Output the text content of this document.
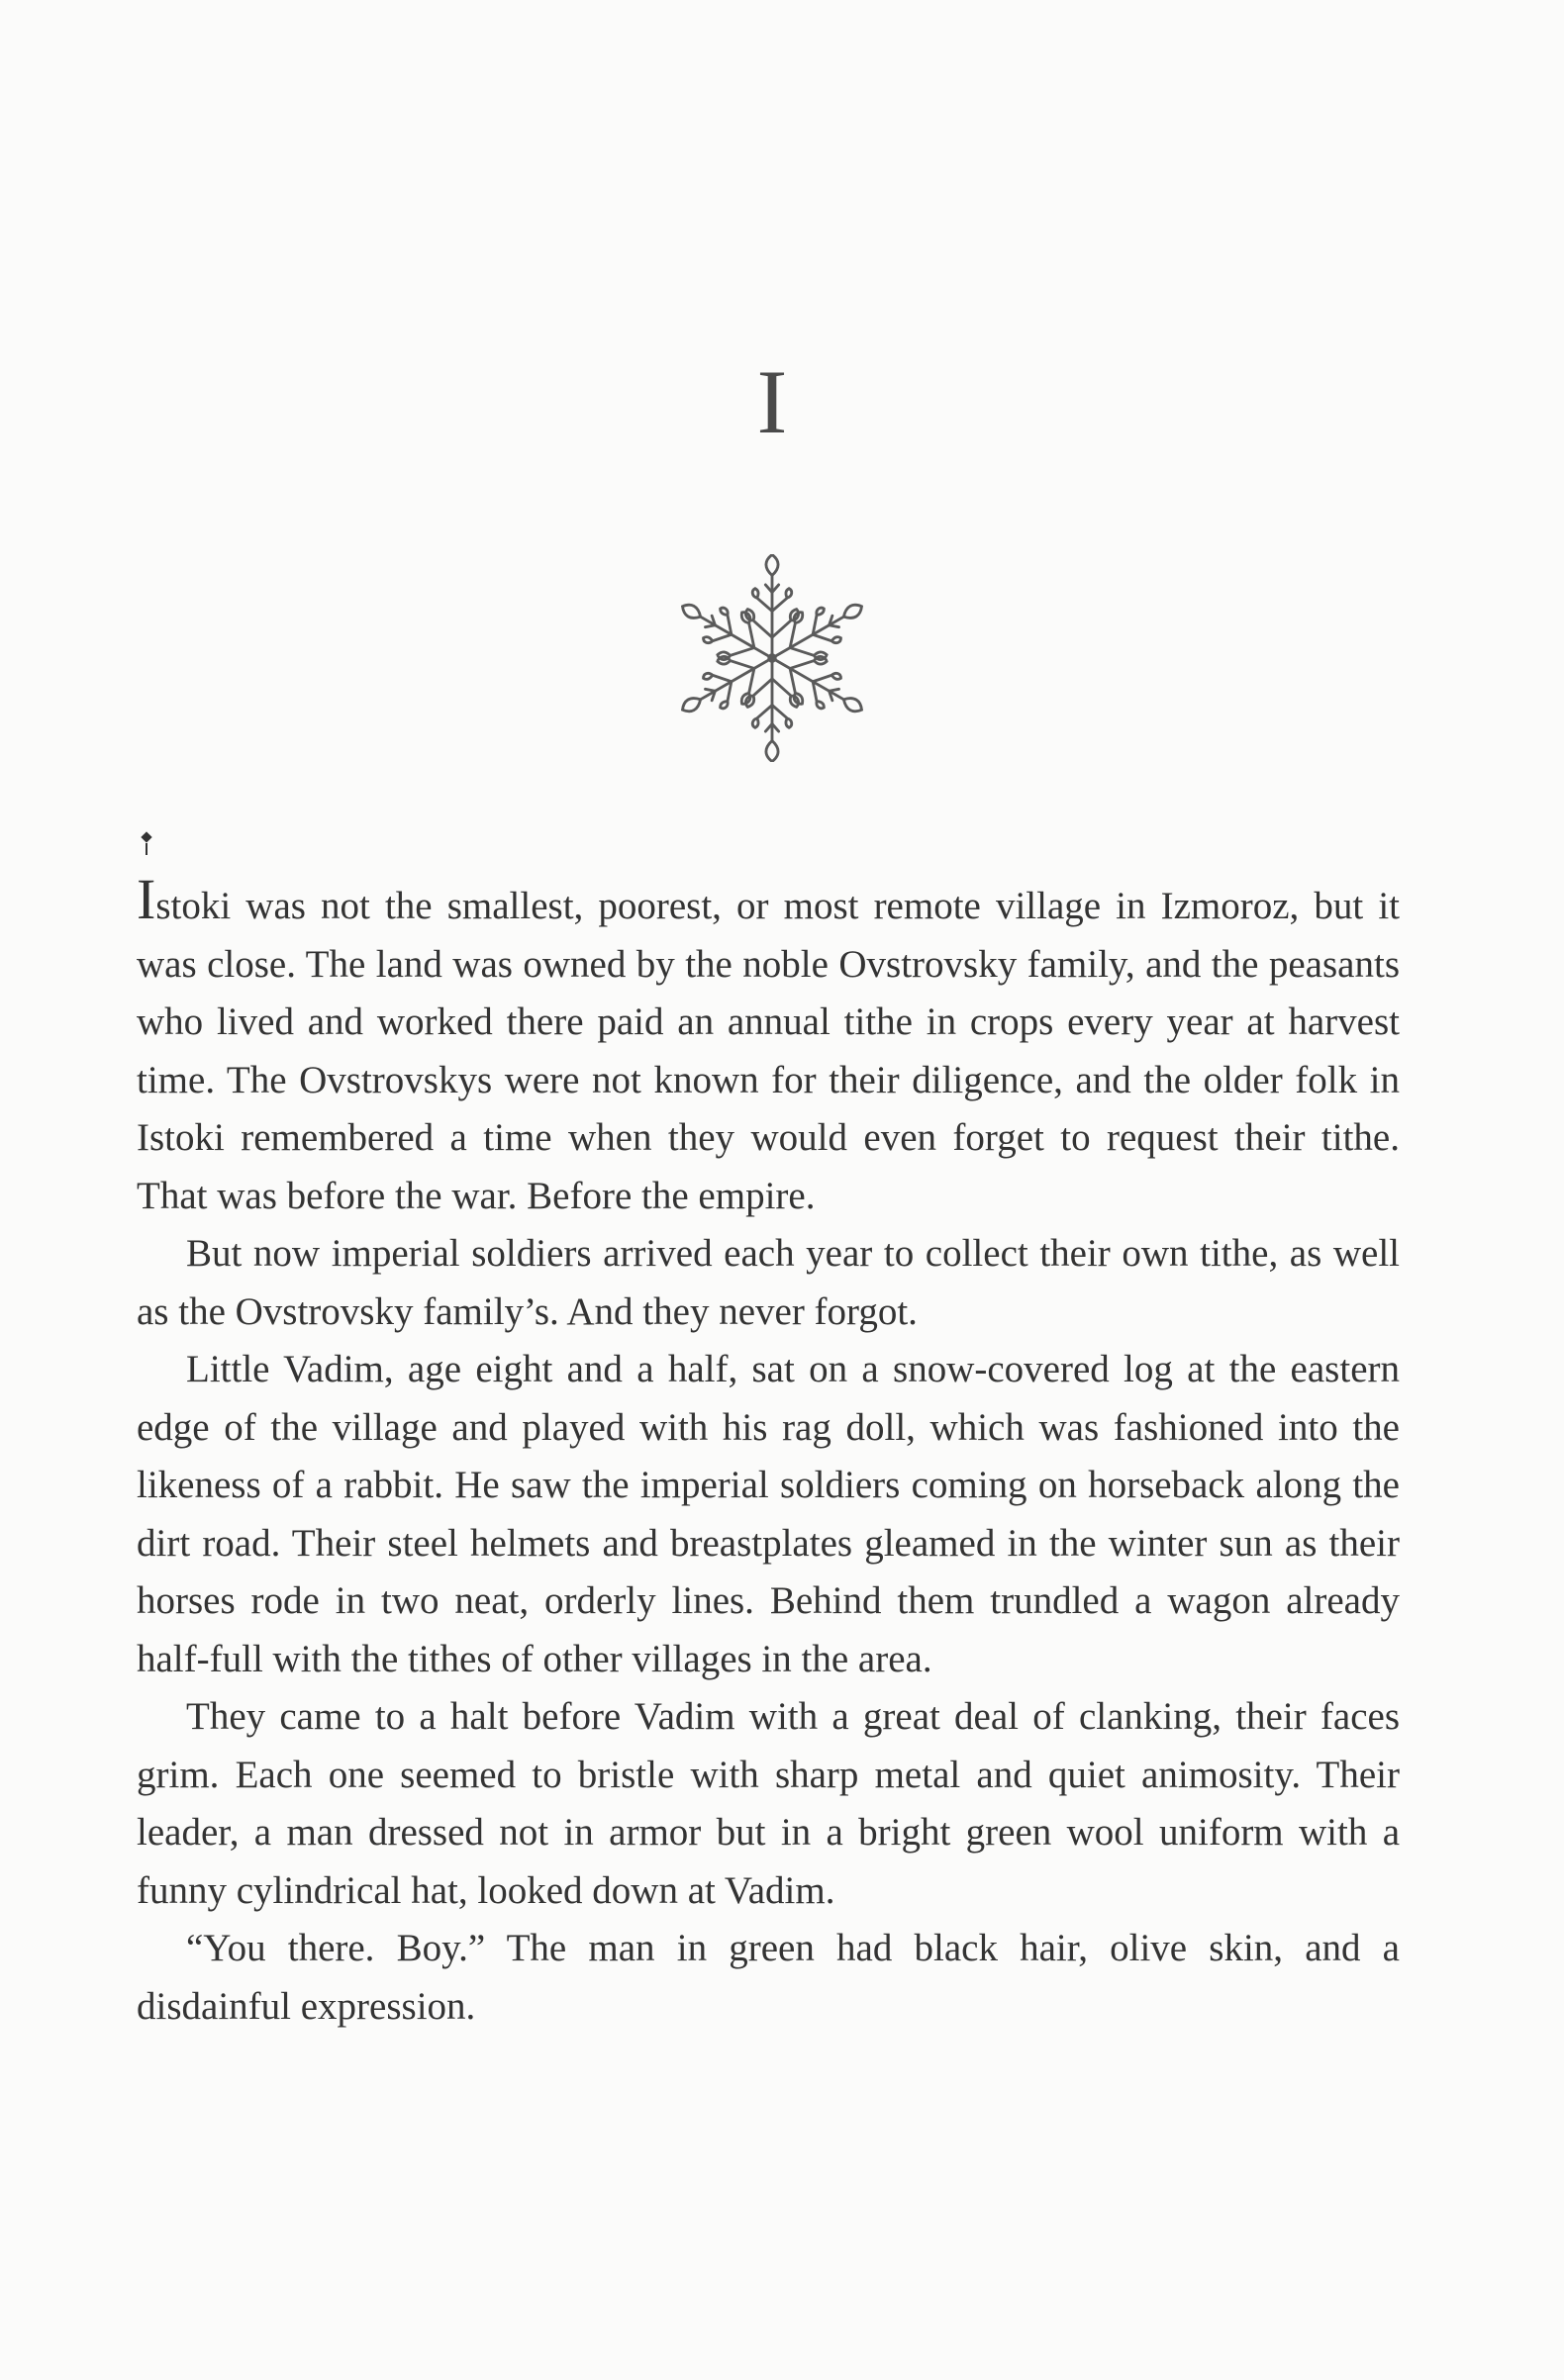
I

Istoki was not the smallest, poorest, or most remote village in Izmoroz, but it was close. The land was owned by the noble Ovstrovsky family, and the peasants who lived and worked there paid an annual tithe in crops every year at harvest time. The Ovstrovskys were not known for their diligence, and the older folk in Istoki remembered a time when they would even forget to request their tithe. That was before the war. Before the empire.

But now imperial soldiers arrived each year to collect their own tithe, as well as the Ovstrovsky family’s. And they never forgot.

Little Vadim, age eight and a half, sat on a snow-covered log at the eastern edge of the village and played with his rag doll, which was fashioned into the likeness of a rabbit. He saw the imperial soldiers coming on horseback along the dirt road. Their steel helmets and breastplates gleamed in the winter sun as their horses rode in two neat, orderly lines. Behind them trundled a wagon already half-full with the tithes of other villages in the area.

They came to a halt before Vadim with a great deal of clanking, their faces grim. Each one seemed to bristle with sharp metal and quiet animosity. Their leader, a man dressed not in armor but in a bright green wool uniform with a funny cylindrical hat, looked down at Vadim.

“You there. Boy.” The man in green had black hair, olive skin, and a disdainful expression.
